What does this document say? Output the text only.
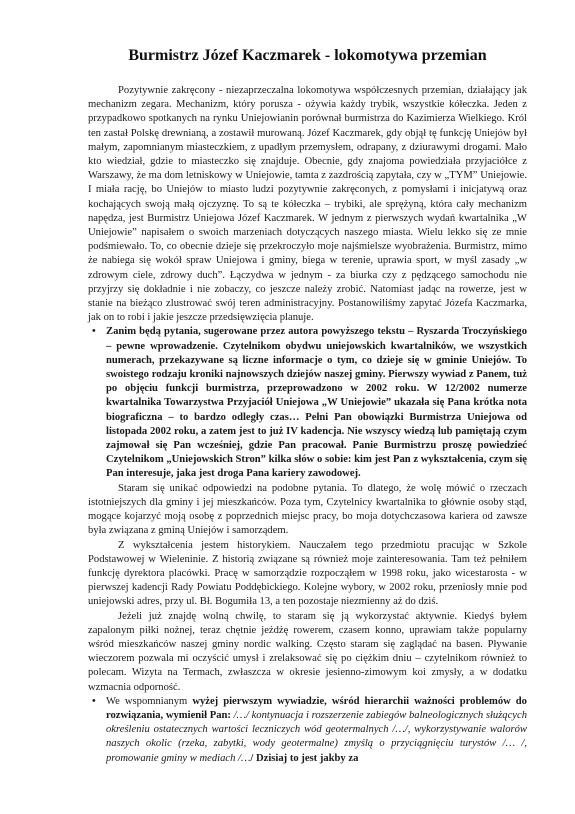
Burmistrz Józef Kaczmarek - lokomotywa przemian

Pozytywnie zakręcony - niezaprzeczalna lokomotywa współczesnych przemian, działający jak mechanizm zegara. Mechanizm, który porusza - ożywia każdy trybik, wszystkie kółeczka. Jeden z przypadkowo spotkanych na rynku Uniejowianin porównał burmistrza do Kazimierza Wielkiego. Król ten zastał Polskę drewnianą, a zostawił murowaną. Józef Kaczmarek, gdy objął tę funkcję Uniejów był małym, zapomnianym miasteczkiem, z upadłym przemysłem, odrapany, z dziurawymi drogami. Mało kto wiedział, gdzie to miasteczko się znajduje. Obecnie, gdy znajoma powiedziała przyjaciółce z Warszawy, że ma dom letniskowy w Uniejowie, tamta z zazdrością zapytała, czy w „TYM” Uniejowie. I miała rację, bo Uniejów to miasto ludzi pozytywnie zakręconych, z pomysłami i inicjatywą oraz kochających swoją małą ojczyznę. To są te kółeczka – trybiki, ale sprężyną, która cały mechanizm napędza, jest Burmistrz Uniejowa Józef Kaczmarek. W jednym z pierwszych wydań kwartalnika „W Uniejowie” napisałem o swoich marzeniach dotyczących naszego miasta. Wielu lekko się ze mnie podśmiewało. To, co obecnie dzieje się przekroczyło moje najśmielsze wyobrażenia. Burmistrz, mimo że nabiega się wokół spraw Uniejowa i gminy, biega w terenie, uprawia sport, w myśl zasady „w zdrowym ciele, zdrowy duch”. Łączydwa w jednym - za biurka czy z pędzącego samochodu nie przyjrzy się dokładnie i nie zobaczy, co jeszcze należy zrobić. Natomiast jadąc na rowerze, jest w stanie na bieżąco zlustrować swój teren administracyjny. Postanowiliśmy zapytać Józefa Kaczmarka, jak on to robi i jakie jeszcze przedsięwzięcia planuje.

• Zanim będą pytania, sugerowane przez autora powyższego tekstu – Ryszarda Troczyńskiego – pewne wprowadzenie. Czytelnikom obydwu uniejowskich kwartalników, we wszystkich numerach, przekazywane są liczne informacje o tym, co dzieje się w gminie Uniejów. To swoistego rodzaju kroniki najnowszych dziejów naszej gminy. Pierwszy wywiad z Panem, tuż po objęciu funkcji burmistrza, przeprowadzono w 2002 roku. W 12/2002 numerze kwartalnika Towarzystwa Przyjaciół Uniejowa „W Uniejowie” ukazała się Pana krótka nota biograficzna – to bardzo odległy czas… Pełni Pan obowiązki Burmistrza Uniejowa od listopada 2002 roku, a zatem jest to już IV kadencja. Nie wszyscy wiedzą lub pamiętają czym zajmował się Pan wcześniej, gdzie Pan pracował. Panie Burmistrzu proszę powiedzieć Czytelnikom „Uniejowskich Stron” kilka słów o sobie: kim jest Pan z wykształcenia, czym się Pan interesuje, jaka jest droga Pana kariery zawodowej.

Staram się unikać odpowiedzi na podobne pytania. To dlatego, że wolę mówić o rzeczach istotniejszych dla gminy i jej mieszkańców. Poza tym, Czytelnicy kwartalnika to głównie osoby stąd, mogące kojarzyć moją osobę z poprzednich miejsc pracy, bo moja dotychczasowa kariera od zawsze była związana z gminą Uniejów i samorządem.

Z wykształcenia jestem historykiem. Nauczałem tego przedmiotu pracując w Szkole Podstawowej w Wieleninie. Z historią związane są również moje zainteresowania. Tam też pełniłem funkcję dyrektora placówki. Pracę w samorządzie rozpocząłem w 1998 roku, jako wicestarosta - w pierwszej kadencji Rady Powiatu Poddębickiego. Kolejne wybory, w 2002 roku, przeniosły mnie pod uniejowski adres, przy ul. Bł. Bogumiła 13, a ten pozostaje niezmienny aż do dziś.

Jeżeli już znajdę wolną chwilę, to staram się ją wykorzystać aktywnie. Kiedyś byłem zapalonym piłki nożnej, teraz chętnie jeżdżę rowerem, czasem konno, uprawiam także popularny wśród mieszkańców naszej gminy nordic walking. Często staram się zaglądać na basen. Pływanie wieczorem pozwala mi oczyścić umysł i zrelaksować się po ciężkim dniu – czytelnikom również to polecam. Wizyta na Termach, zwłaszcza w okresie jesienno-zimowym koi zmysły, a w dodatku wzmacnia odporność.

• We wspomnianym wyżej pierwszym wywiadzie, wśród hierarchii ważności problemów do rozwiązania, wymienił Pan: /…/ kontynuacja i rozszerzenie zabiegów balneologicznych służących określeniu ostatecznych wartości leczniczych wód geotermalnych /…/, wykorzystywanie walorów naszych okolic (rzeka, zabytki, wody geotermalne) zmyślą o przyciągnięciu turystów /… /, promowanie gminy w mediach /…/ Dzisiaj to jest jakby za
